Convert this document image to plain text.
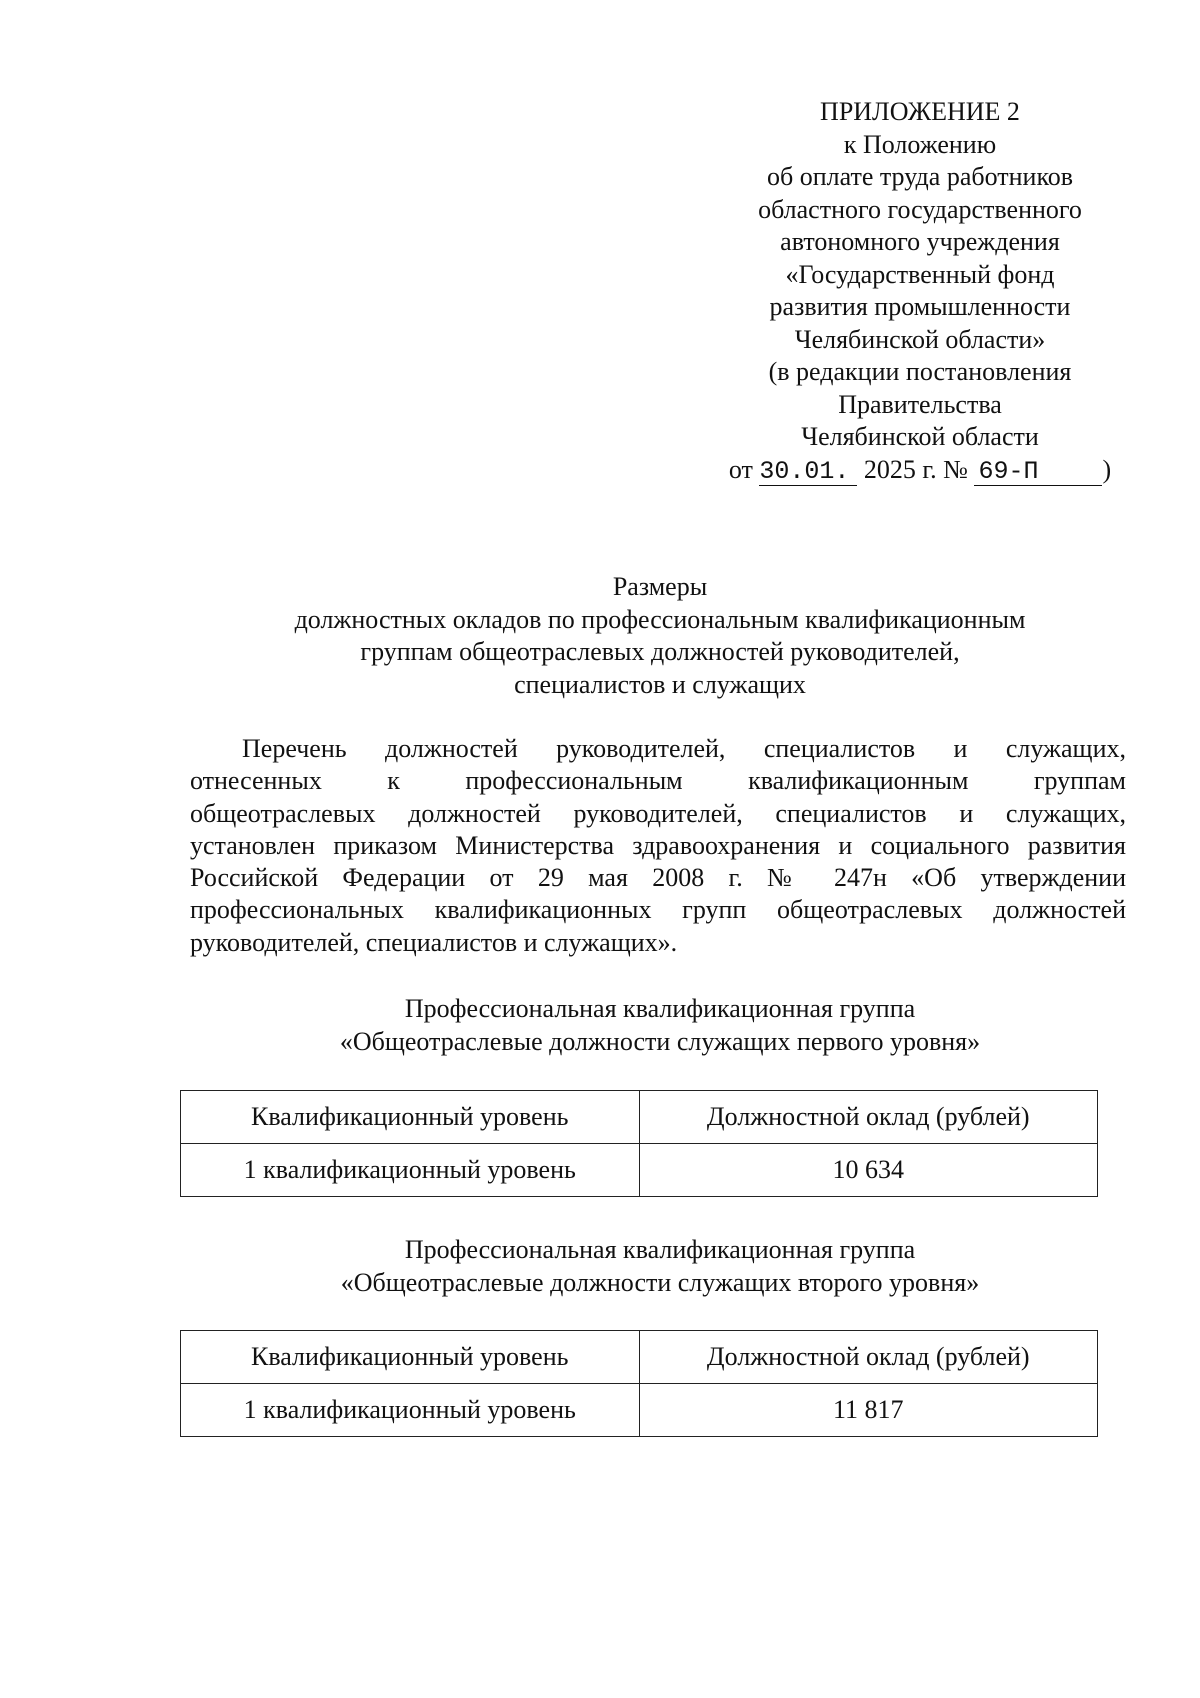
ПРИЛОЖЕНИЕ 2
к Положению
об оплате труда работников
областного государственного
автономного учреждения
«Государственный фонд
развития промышленности
Челябинской области»
(в редакции постановления
Правительства
Челябинской области
от 30.01. 2025 г. № 69-П )
Размеры
должностных окладов по профессиональным квалификационным
группам общеотраслевых должностей руководителей,
специалистов и служащих
Перечень должностей руководителей, специалистов и служащих,
отнесенных к профессиональным квалификационным группам
общеотраслевых должностей руководителей, специалистов и служащих,
установлен приказом Министерства здравоохранения и социального развития
Российской Федерации от 29 мая 2008 г. № 247н «Об утверждении
профессиональных квалификационных групп общеотраслевых должностей
руководителей, специалистов и служащих».
Профессиональная квалификационная группа
«Общеотраслевые должности служащих первого уровня»
Квалификационный уровень	Должностной оклад (рублей)
1 квалификационный уровень	10 634
Профессиональная квалификационная группа
«Общеотраслевые должности служащих второго уровня»
Квалификационный уровень	Должностной оклад (рублей)
1 квалификационный уровень	11 817
